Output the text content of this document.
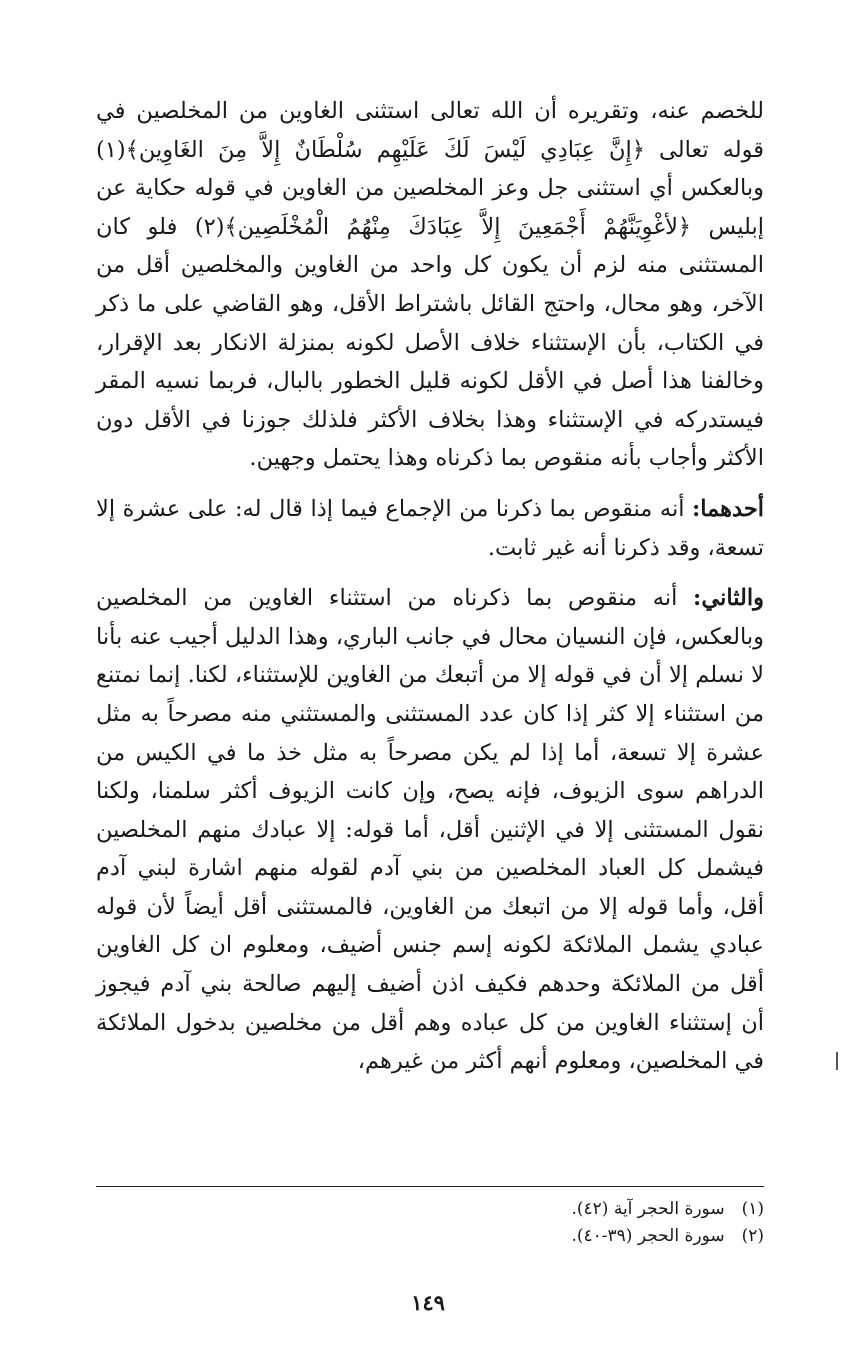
للخصم عنه، وتقريره أن الله تعالى استثنى الغاوين من المخلصين في قوله تعالى ﴿إِنَّ عِبَادِي لَيْسَ لَكَ عَلَيْهِم سُلْطَانٌ إِلاَّ مِنَ الغَاوِين﴾(١) وبالعكس أي استثنى جل وعز المخلصين من الغاوين في قوله حكاية عن إبليس ﴿لأغْوِيَنَّهُمْ أَجْمَعِينَ إِلاَّ عِبَادَكَ مِنْهُمُ الْمُخْلَصِين﴾(٢) فلو كان المستثنى منه لزم أن يكون كل واحد من الغاوين والمخلصين أقل من الآخر، وهو محال، واحتج القائل باشتراط الأقل، وهو القاضي على ما ذكر في الكتاب، بأن الإستثناء خلاف الأصل لكونه بمنزلة الانكار بعد الإقرار، وخالفنا هذا أصل في الأقل لكونه قليل الخطور بالبال، فربما نسيه المقر فيستدركه في الإستثناء وهذا بخلاف الأكثر فلذلك جوزنا في الأقل دون الأكثر وأجاب بأنه منقوص بما ذكرناه وهذا يحتمل وجهين.

أحدهما: أنه منقوص بما ذكرنا من الإجماع فيما إذا قال له: على عشرة إلا تسعة، وقد ذكرنا أنه غير ثابت.

والثاني: أنه منقوص بما ذكرناه من استثناء الغاوين من المخلصين وبالعكس، فإن النسيان محال في جانب الباري، وهذا الدليل أجيب عنه بأنا لا نسلم إلا أن في قوله إلا من أتبعك من الغاوين للإستثناء، لكنا. إنما نمتنع من استثناء إلا كثر إذا كان عدد المستثنى والمستثني منه مصرحاً به مثل عشرة إلا تسعة، أما إذا لم يكن مصرحاً به مثل خذ ما في الكيس من الدراهم سوى الزيوف، فإنه يصح، وإن كانت الزيوف أكثر سلمنا، ولكنا نقول المستثنى إلا في الإثنين أقل، أما قوله: إلا عبادك منهم المخلصين فيشمل كل العباد المخلصين من بني آدم لقوله منهم اشارة لبني آدم أقل، وأما قوله إلا من اتبعك من الغاوين، فالمستثنى أقل أيضاً لأن قوله عبادي يشمل الملائكة لكونه إسم جنس أضيف، ومعلوم ان كل الغاوين أقل من الملائكة وحدهم فكيف اذن أضيف إليهم صالحة بني آدم فيجوز أن إستثناء الغاوين من كل عباده وهم أقل من مخلصين بدخول الملائكة في المخلصين، ومعلوم أنهم أكثر من غيرهم،

(١) سورة الحجر آية (٤٢).
(٢) سورة الحجر (٣٩-٤٠).
١٤٩
